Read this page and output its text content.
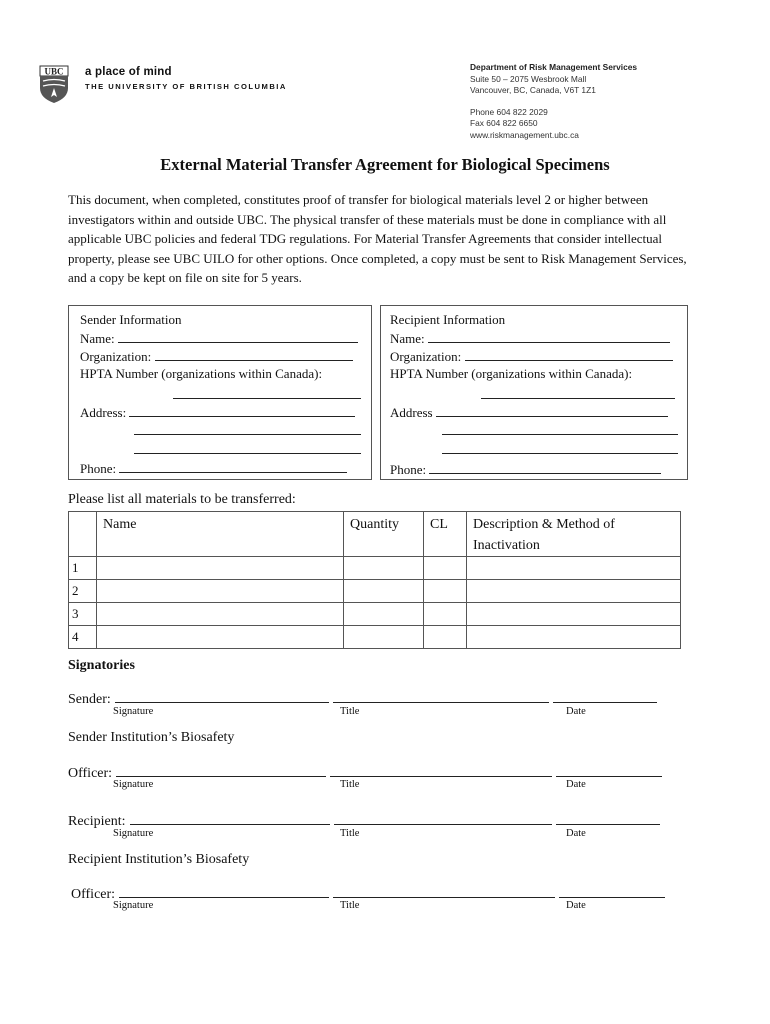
UBC a place of mind
THE UNIVERSITY OF BRITISH COLUMBIA
Department of Risk Management Services
Suite 50 – 2075 Wesbrook Mall
Vancouver, BC, Canada, V6T 1Z1
Phone 604 822 2029
Fax 604 822 6650
www.riskmanagement.ubc.ca
External Material Transfer Agreement for Biological Specimens
This document, when completed, constitutes proof of transfer for biological materials level 2 or higher between investigators within and outside UBC. The physical transfer of these materials must be done in compliance with all applicable UBC policies and federal TDG regulations. For Material Transfer Agreements that consider intellectual property, please see UBC UILO for other options. Once completed, a copy must be sent to Risk Management Services, and a copy be kept on file on site for 5 years.
Sender Information
Name:
Organization:
HPTA Number (organizations within Canada):
Address:
Phone:
Recipient Information
Name:
Organization:
HPTA Number (organizations within Canada):
Address
Phone:
Please list all materials to be transferred:
	Name	Quantity	CL	Description & Method of Inactivation
1				
2				
3				
4				
Signatories
Sender:
Signature	Title	Date
Sender Institution’s Biosafety
Officer:
Signature	Title	Date
Recipient:
Signature	Title	Date
Recipient Institution’s Biosafety
Officer:
Signature	Title	Date
